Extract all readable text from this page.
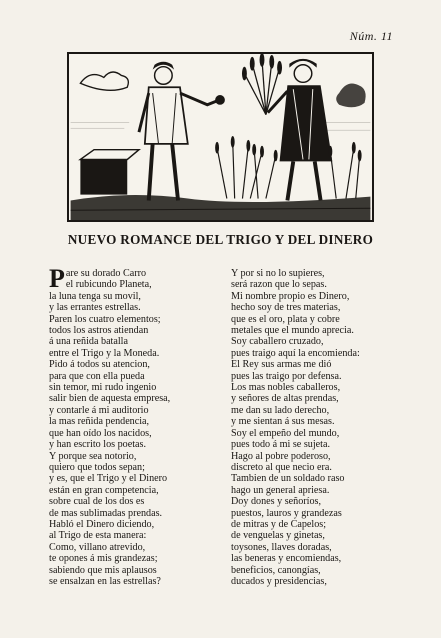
Núm. 11
NUEVO ROMANCE DEL TRIGO Y DEL DINERO
Pare su dorado Carro
el rubicundo Planeta,
la luna tenga su movil,
y las errantes estrellas.
Paren los cuatro elementos;
todos los astros atiendan
á una reñida batalla
entre el Trigo y la Moneda.
Pido á todos su atencion,
para que con ella pueda
sin temor, mi rudo ingenio
salir bien de aquesta empresa,
y contarle á mi auditorio
la mas reñida pendencia,
que han oído los nacidos,
y han escrito los poetas.
Y porque sea notorio,
quiero que todos sepan;
y es, que el Trigo y el Dinero
están en gran competencia,
sobre cual de los dos es
de mas sublimadas prendas.
Habló el Dinero diciendo,
al Trigo de esta manera:
Como, villano atrevido,
te opones á mis grandezas;
sabiendo que mis aplausos
se ensalzan en las estrellas?
Y por si no lo supieres,
será razon que lo sepas.
Mi nombre propio es Dinero,
hecho soy de tres materias,
que es el oro, plata y cobre
metales que el mundo aprecia.
Soy caballero cruzado,
pues traigo aquí la encomienda:
El Rey sus armas me dió
pues las traigo por defensa.
Los mas nobles caballeros,
y señores de altas prendas,
me dan su lado derecho,
y me sientan á sus mesas.
Soy el empeño del mundo,
pues todo á mi se sujeta.
Hago al pobre poderoso,
discreto al que necio era.
Tambien de un soldado raso
hago un general apriesa.
Doy dones y señoríos,
puestos, lauros y grandezas
de mitras y de Capelos;
de venguelas y ginetas,
toysones, llaves doradas,
las beneras y encomiendas,
beneficios, canongías,
ducados y presidencias,
